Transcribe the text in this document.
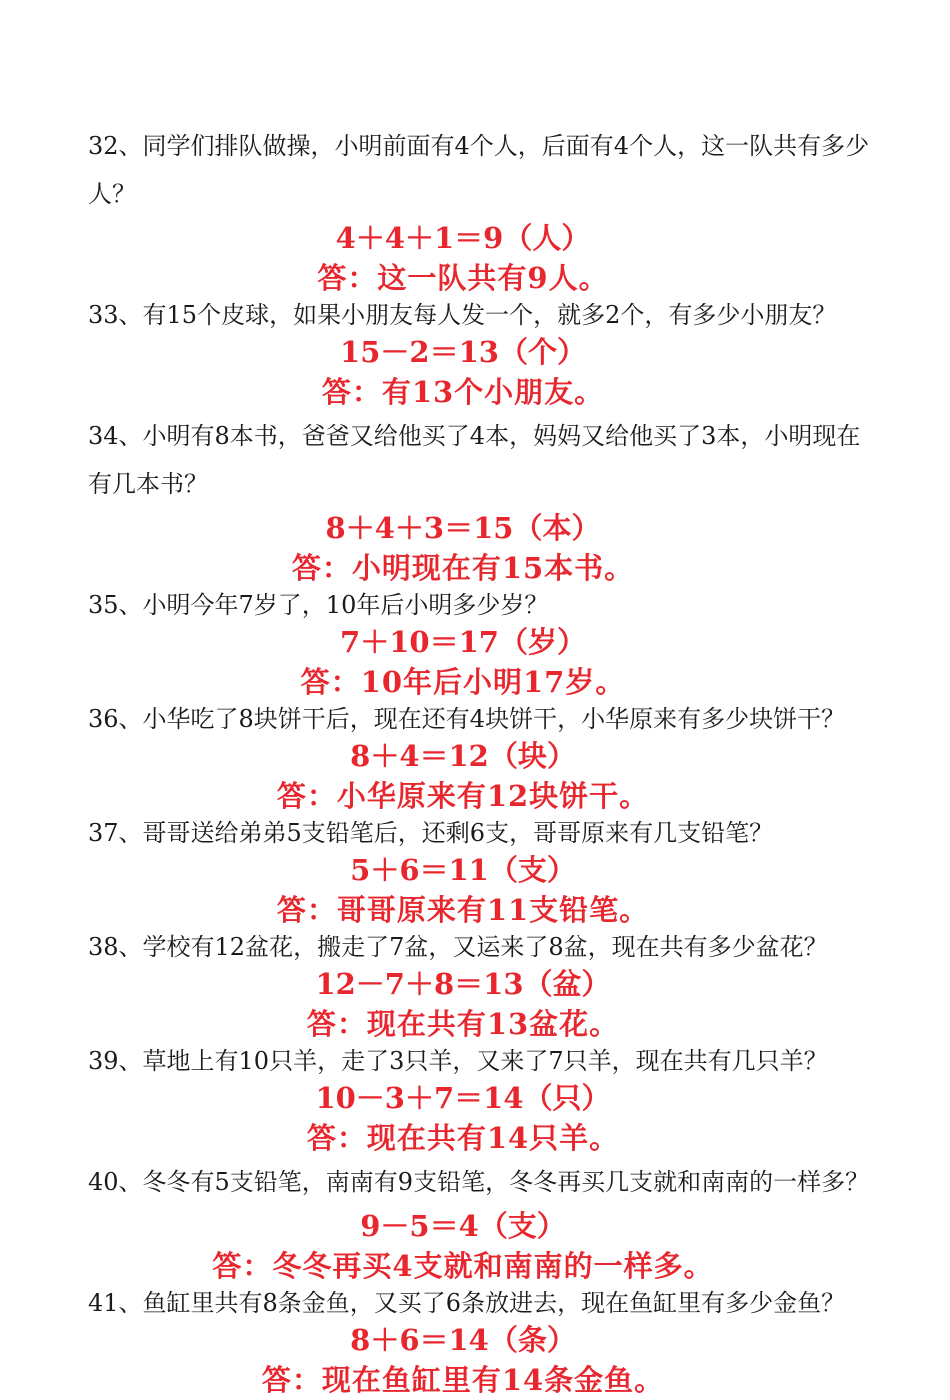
32、同学们排队做操，小明前面有4个人，后面有4个人，这一队共有多少人？

4＋4＋1＝9（人）

答：这一队共有9人。

33、有15个皮球，如果小朋友每人发一个，就多2个，有多少小朋友？

15－2＝13（个）

答：有13个小朋友。

34、小明有8本书，爸爸又给他买了4本，妈妈又给他买了3本，小明现在有几本书？

8＋4＋3＝15（本）

答：小明现在有15本书。

35、小明今年7岁了，10年后小明多少岁？

7＋10＝17（岁）

答：10年后小明17岁。

36、小华吃了8块饼干后，现在还有4块饼干，小华原来有多少块饼干？

8＋4＝12（块）

答：小华原来有12块饼干。

37、哥哥送给弟弟5支铅笔后，还剩6支，哥哥原来有几支铅笔？

5＋6＝11（支）

答：哥哥原来有11支铅笔。

38、学校有12盆花，搬走了7盆，又运来了8盆，现在共有多少盆花？

12－7＋8＝13（盆）

答：现在共有13盆花。

39、草地上有10只羊，走了3只羊，又来了7只羊，现在共有几只羊？

10－3＋7＝14（只）

答：现在共有14只羊。

40、冬冬有5支铅笔，南南有9支铅笔，冬冬再买几支就和南南的一样多？

9－5＝4（支）

答：冬冬再买4支就和南南的一样多。

41、鱼缸里共有8条金鱼，又买了6条放进去，现在鱼缸里有多少金鱼？

8＋6＝14（条）

答：现在鱼缸里有14条金鱼。
